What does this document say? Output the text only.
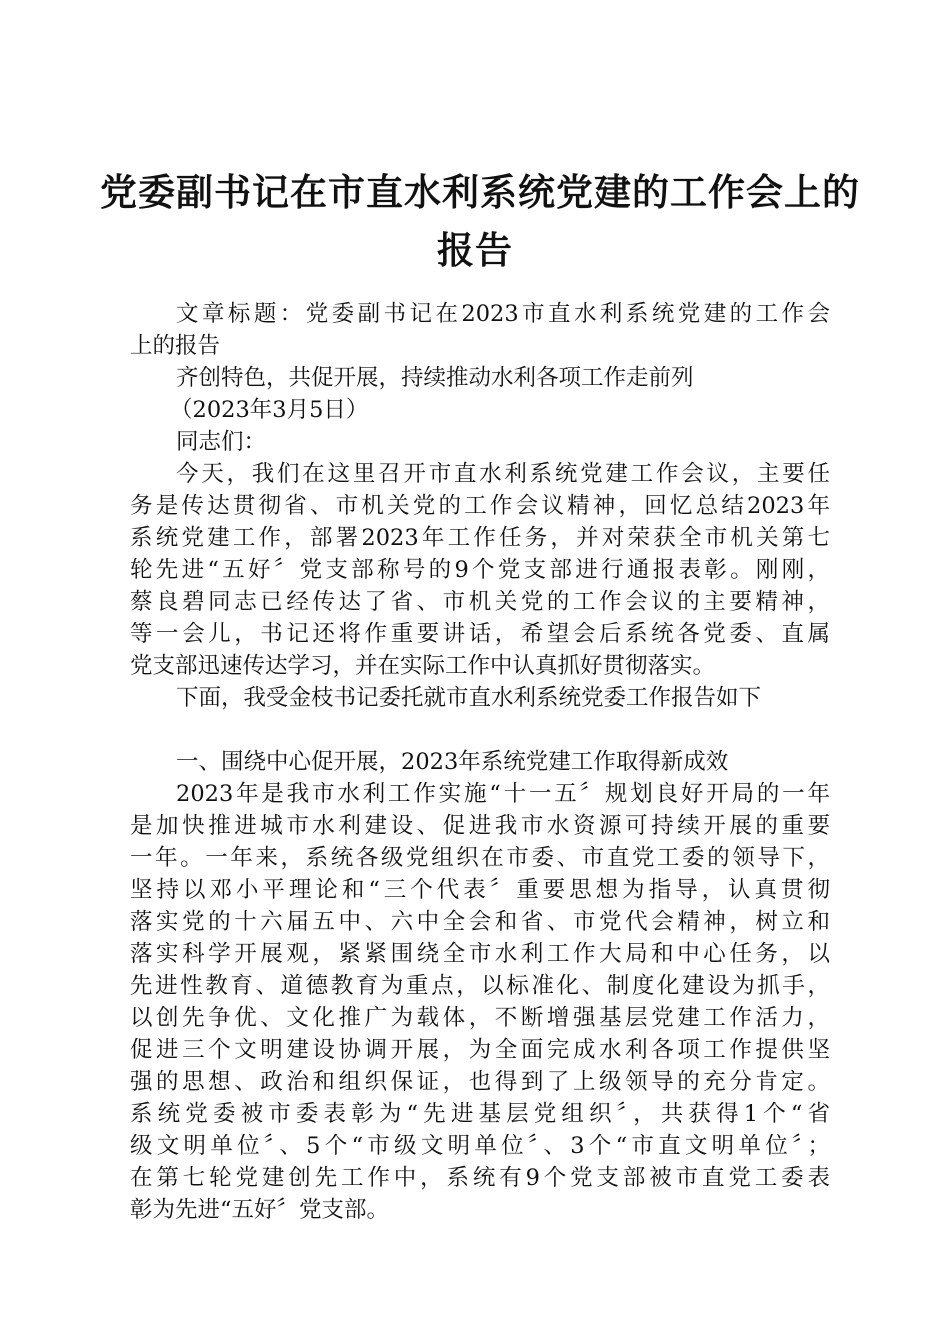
党委副书记在市直水利系统党建的工作会上的
报告
文章标题：党委副书记在2023市直水利系统党建的工作会
上的报告
齐创特色，共促开展，持续推动水利各项工作走前列
（2023年3月5日）
同志们：
今天，我们在这里召开市直水利系统党建工作会议，主要任
务是传达贯彻省、市机关党的工作会议精神，回忆总结2023年
系统党建工作，部署2023年工作任务，并对荣获全市机关第七
轮先进“五好〞党支部称号的9个党支部进行通报表彰。刚刚，
蔡良碧同志已经传达了省、市机关党的工作会议的主要精神，
等一会儿，书记还将作重要讲话，希望会后系统各党委、直属
党支部迅速传达学习，并在实际工作中认真抓好贯彻落实。
下面，我受金枝书记委托就市直水利系统党委工作报告如下
一、围绕中心促开展，2023年系统党建工作取得新成效
2023年是我市水利工作实施“十一五〞规划良好开局的一年
是加快推进城市水利建设、促进我市水资源可持续开展的重要
一年。一年来，系统各级党组织在市委、市直党工委的领导下，
坚持以邓小平理论和“三个代表〞重要思想为指导，认真贯彻
落实党的十六届五中、六中全会和省、市党代会精神，树立和
落实科学开展观，紧紧围绕全市水利工作大局和中心任务，以
先进性教育、道德教育为重点，以标准化、制度化建设为抓手，
以创先争优、文化推广为载体，不断增强基层党建工作活力，
促进三个文明建设协调开展，为全面完成水利各项工作提供坚
强的思想、政治和组织保证，也得到了上级领导的充分肯定。
系统党委被市委表彰为“先进基层党组织〞，共获得1个“省
级文明单位〞、5个“市级文明单位〞、3个“市直文明单位〞；
在第七轮党建创先工作中，系统有9个党支部被市直党工委表
彰为先进“五好〞党支部。
